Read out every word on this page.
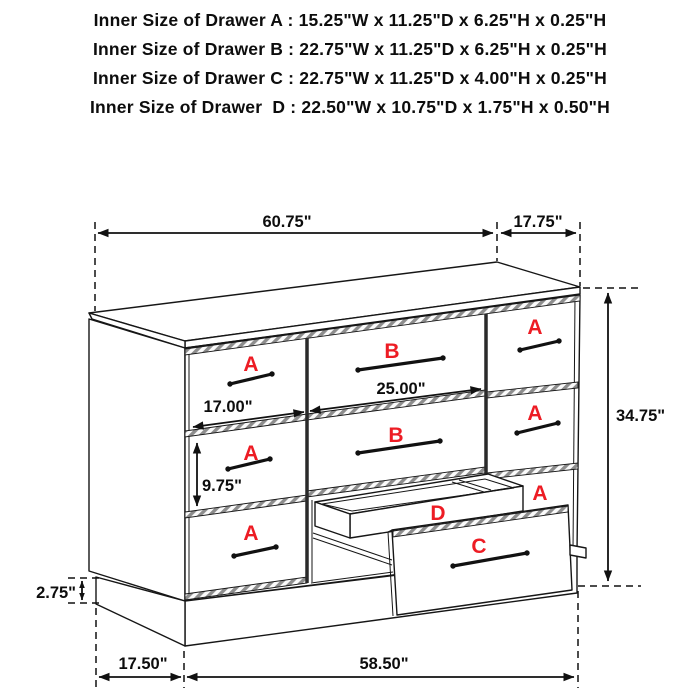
Inner Size of Drawer A : 15.25"W x 11.25"D x 6.25"H x 0.25"H
Inner Size of Drawer B : 22.75"W x 11.25"D x 6.25"H x 0.25"H
Inner Size of Drawer C : 22.75"W x 11.25"D x 4.00"H x 0.25"H
Inner Size of Drawer  D : 22.50"W x 10.75"D x 1.75"H x 0.50"H
A
A
A
B
B
A
A
A
17.00"
25.00"
9.75"
D
C
60.75"	17.75"
34.75"
2.75"
17.50"	58.50"
